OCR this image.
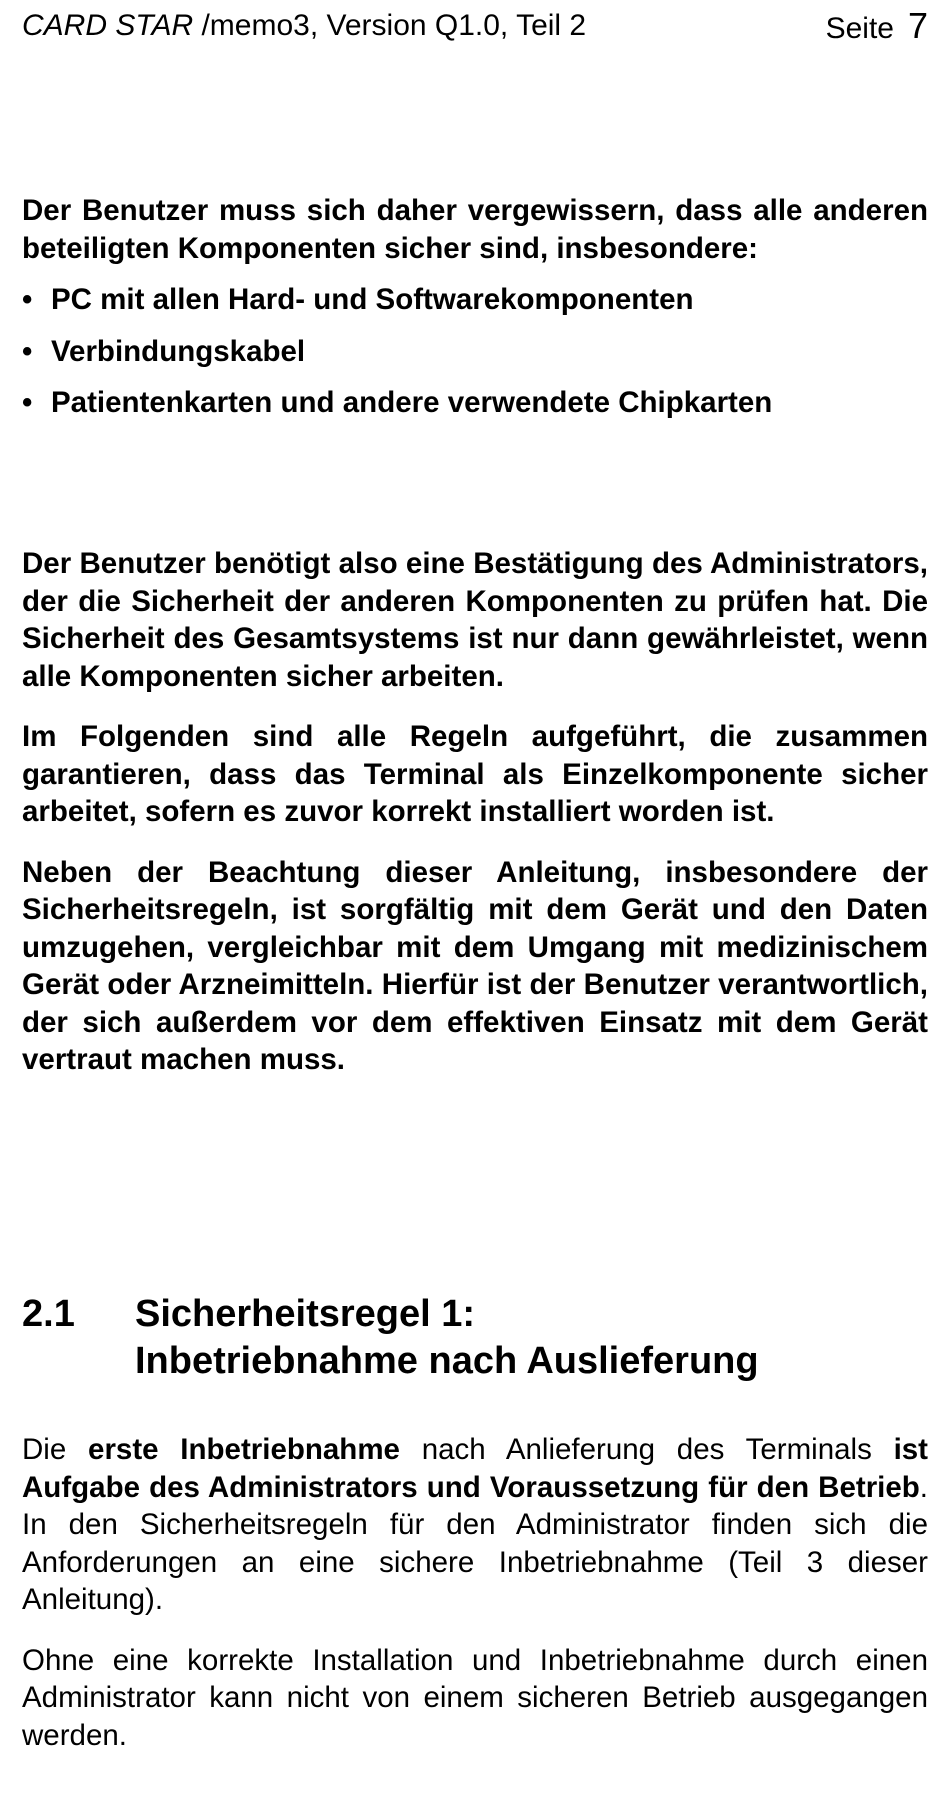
CARD STAR /memo3, Version Q1.0, Teil 2	Seite 7

Der Benutzer muss sich daher vergewissern, dass alle anderen beteiligten Komponenten sicher sind, insbesondere:

• PC mit allen Hard- und Softwarekomponenten
• Verbindungskabel
• Patientenkarten und andere verwendete Chipkarten

Der Benutzer benötigt also eine Bestätigung des Administrators, der die Sicherheit der anderen Komponenten zu prüfen hat. Die Sicherheit des Gesamtsystems ist nur dann gewährleistet, wenn alle Komponenten sicher arbeiten.

Im Folgenden sind alle Regeln aufgeführt, die zusammen garantieren, dass das Terminal als Einzelkomponente sicher arbeitet, sofern es zuvor korrekt installiert worden ist.

Neben der Beachtung dieser Anleitung, insbesondere der Sicherheitsregeln, ist sorgfältig mit dem Gerät und den Daten umzugehen, vergleichbar mit dem Umgang mit medizinischem Gerät oder Arzneimitteln. Hierfür ist der Benutzer verantwortlich, der sich außerdem vor dem effektiven Einsatz mit dem Gerät vertraut machen muss.

2.1 Sicherheitsregel 1:
Inbetriebnahme nach Auslieferung

Die erste Inbetriebnahme nach Anlieferung des Terminals ist Aufgabe des Administrators und Voraussetzung für den Betrieb. In den Sicherheitsregeln für den Administrator finden sich die Anforderungen an eine sichere Inbetriebnahme (Teil 3 dieser Anleitung).

Ohne eine korrekte Installation und Inbetriebnahme durch einen Administrator kann nicht von einem sicheren Betrieb ausgegangen werden.
